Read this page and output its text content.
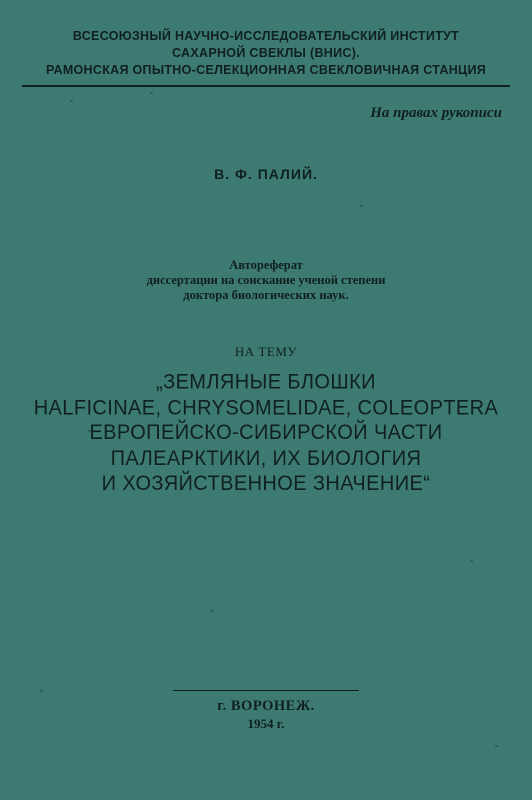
ВСЕСОЮЗНЫЙ НАУЧНО-ИССЛЕДОВАТЕЛЬСКИЙ ИНСТИТУТ
САХАРНОЙ СВЕКЛЫ (ВНИС).
РАМОНСКАЯ ОПЫТНО-СЕЛЕКЦИОННАЯ СВЕКЛОВИЧНАЯ СТАНЦИЯ
На правах рукописи
В. Ф. ПАЛИЙ.
Автореферат
диссертации на соискание ученой степени
доктора биологических наук.
НА ТЕМУ
„ЗЕМЛЯНЫЕ БЛОШКИ
HALFICINAE, CHRYSOMELIDAE, COLEOPTERA
ЕВРОПЕЙСКО-СИБИРСКОЙ ЧАСТИ
ПАЛЕАРКТИКИ, ИХ БИОЛОГИЯ
И ХОЗЯЙСТВЕННОЕ ЗНАЧЕНИЕ“
г. ВОРОНЕЖ.
1954 г.
